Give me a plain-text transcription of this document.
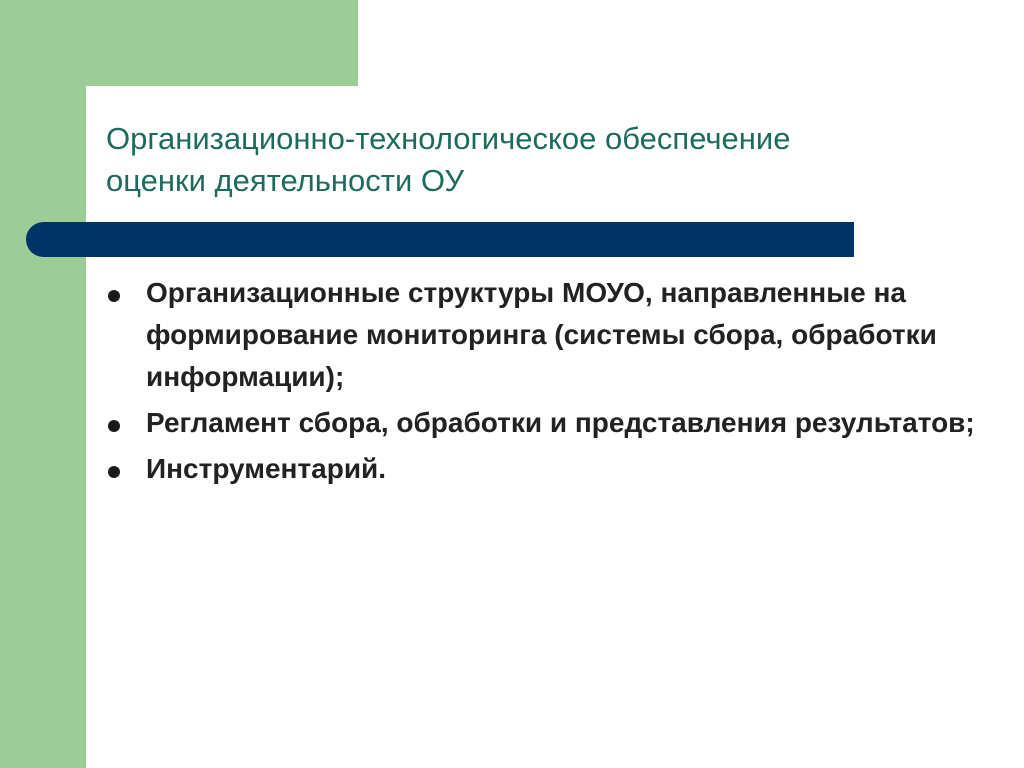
Организационно-технологическое обеспечение
оценки деятельности ОУ
Организационные структуры МОУО, направленные на формирование мониторинга (системы сбора, обработки информации);
Регламент сбора, обработки и представления результатов;
Инструментарий.
